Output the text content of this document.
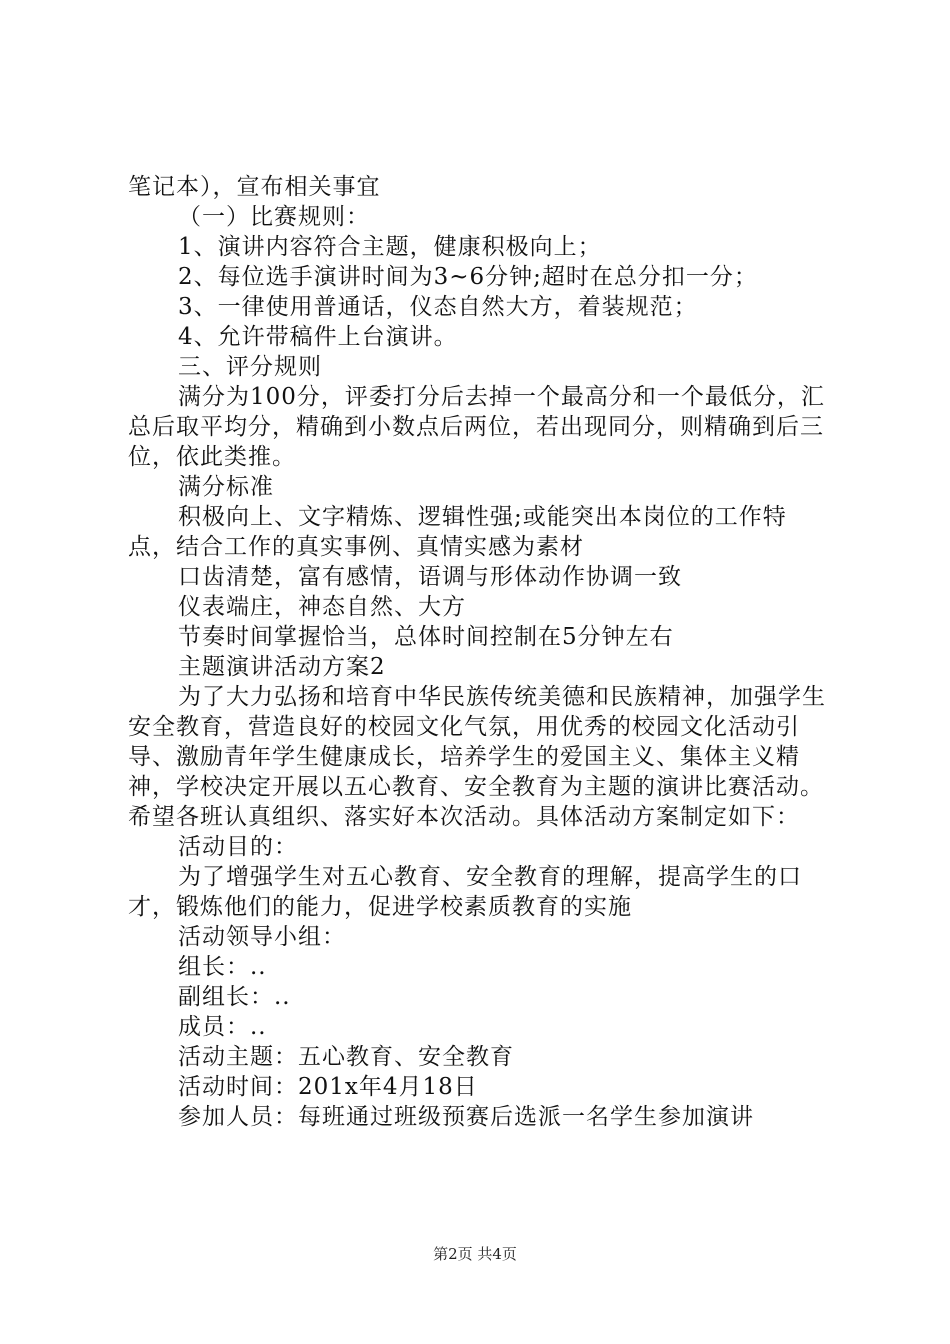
笔记本），宣布相关事宜

（一）比赛规则：

1、演讲内容符合主题，健康积极向上；

2、每位选手演讲时间为3~6分钟;超时在总分扣一分；

3、一律使用普通话，仪态自然大方，着装规范；

4、允许带稿件上台演讲。

三、评分规则

满分为100分，评委打分后去掉一个最高分和一个最低分，汇总后取平均分，精确到小数点后两位，若出现同分，则精确到后三位，依此类推。

满分标准

积极向上、文字精炼、逻辑性强;或能突出本岗位的工作特点，结合工作的真实事例、真情实感为素材

口齿清楚，富有感情，语调与形体动作协调一致

仪表端庄，神态自然、大方

节奏时间掌握恰当，总体时间控制在5分钟左右

主题演讲活动方案2

为了大力弘扬和培育中华民族传统美德和民族精神，加强学生安全教育，营造良好的校园文化气氛，用优秀的校园文化活动引导、激励青年学生健康成长，培养学生的爱国主义、集体主义精神，学校决定开展以五心教育、安全教育为主题的演讲比赛活动。希望各班认真组织、落实好本次活动。具体活动方案制定如下：

活动目的：

为了增强学生对五心教育、安全教育的理解，提高学生的口才，锻炼他们的能力，促进学校素质教育的实施

活动领导小组：

组长：..

副组长：..

成员：..

活动主题：五心教育、安全教育

活动时间：201x年4月18日

参加人员：每班通过班级预赛后选派一名学生参加演讲

第2页 共4页
